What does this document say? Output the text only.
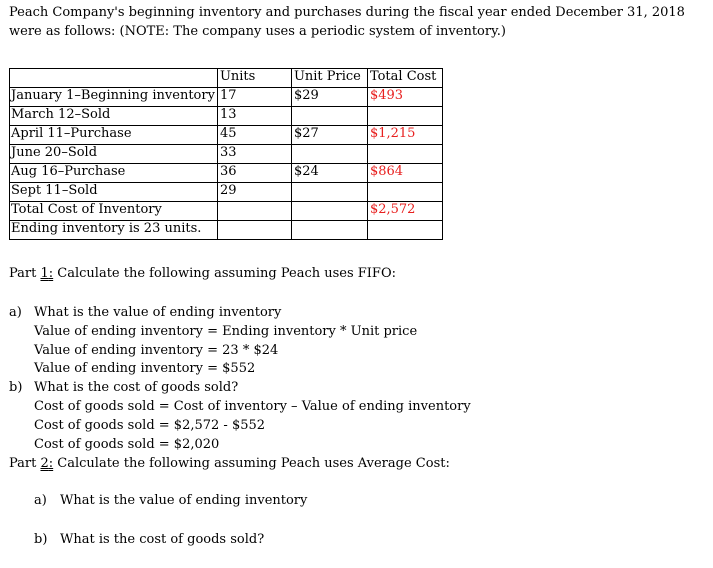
Peach Company's beginning inventory and purchases during the fiscal year ended December 31, 2018 were as follows: (NOTE: The company uses a periodic system of inventory.)
	Units	Unit Price	Total Cost
January 1–Beginning inventory	17	$29	$493
March 12–Sold	13		
April 11–Purchase	45	$27	$1,215
June 20–Sold	33		
Aug 16–Purchase	36	$24	$864
Sept 11–Sold	29		
Total Cost of Inventory			$2,572
Ending inventory is 23 units.			
Part 1: Calculate the following assuming Peach uses FIFO:
a) What is the value of ending inventory
Value of ending inventory = Ending inventory * Unit price
Value of ending inventory = 23 * $24
Value of ending inventory = $552
b) What is the cost of goods sold?
Cost of goods sold = Cost of inventory – Value of ending inventory
Cost of goods sold = $2,572 - $552
Cost of goods sold = $2,020
Part 2: Calculate the following assuming Peach uses Average Cost:
a) What is the value of ending inventory
b) What is the cost of goods sold?
